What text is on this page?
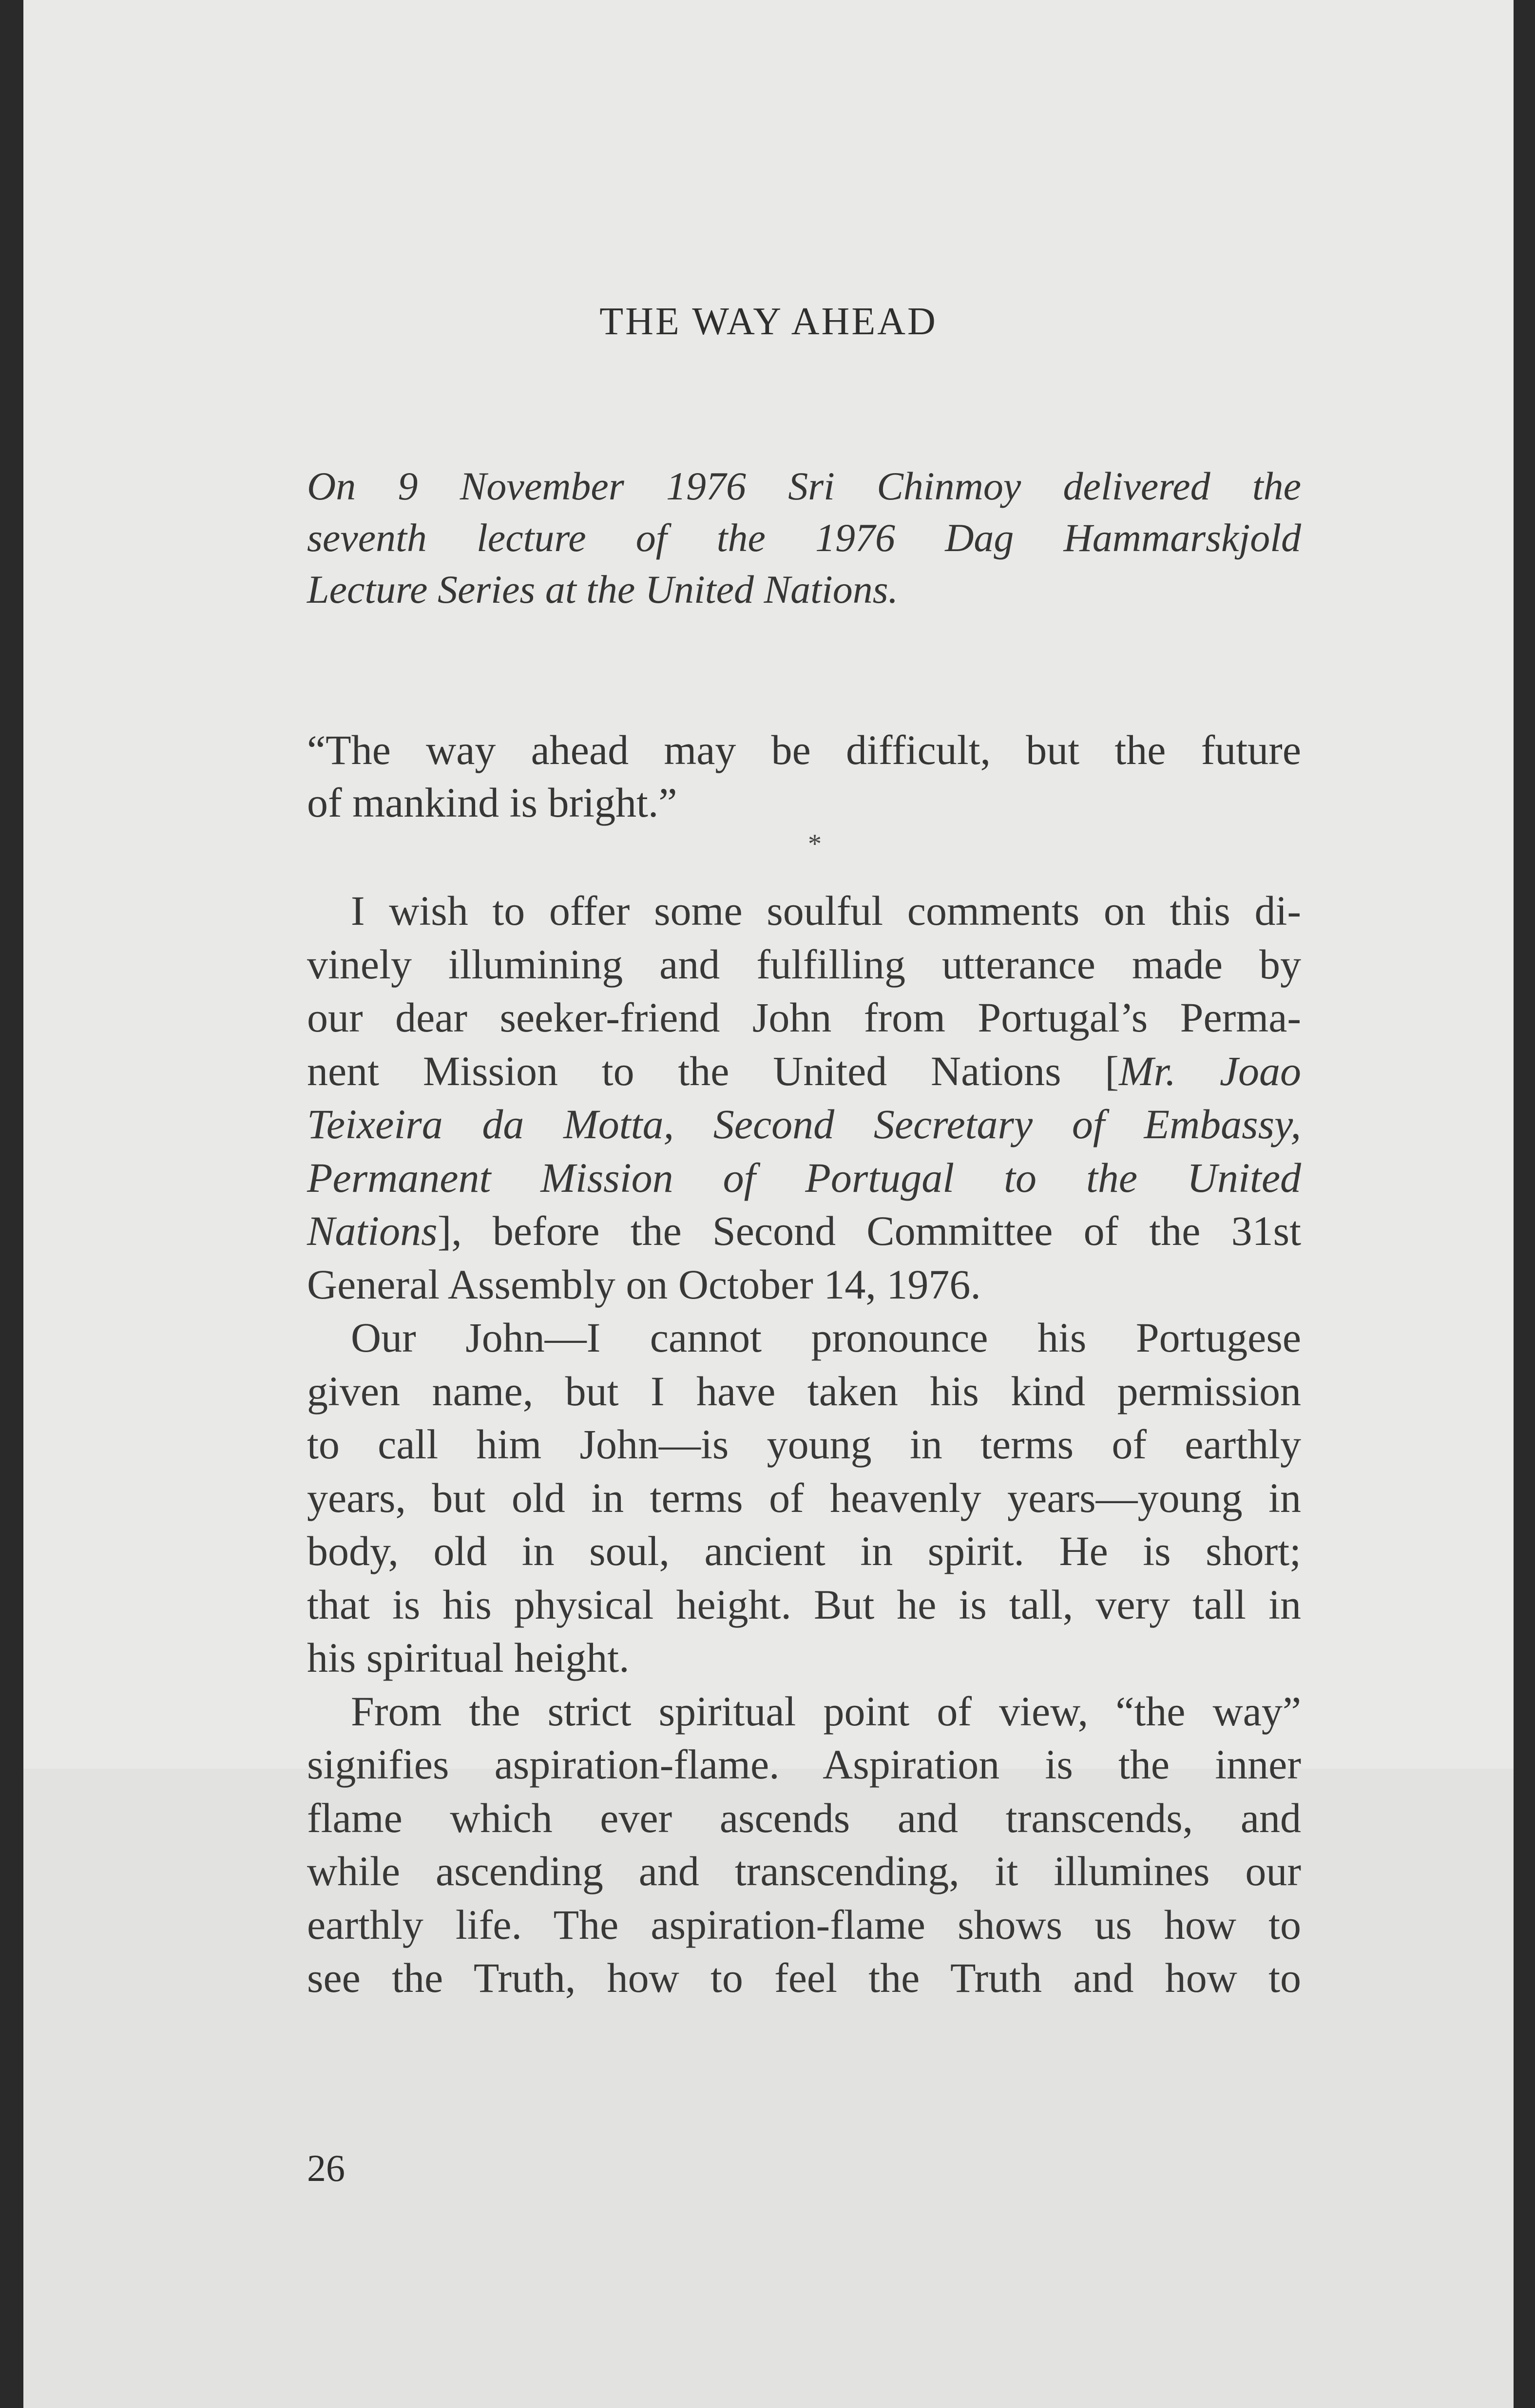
THE WAY AHEAD
On 9 November 1976 Sri Chinmoy delivered the
seventh lecture of the 1976 Dag Hammarskjold
Lecture Series at the United Nations.
“The way ahead may be difficult, but the future
of mankind is bright.”
*

I wish to offer some soulful comments on this di-
vinely illumining and fulfilling utterance made by
our dear seeker-friend John from Portugal’s Perma-
nent Mission to the United Nations [Mr. Joao
Teixeira da Motta, Second Secretary of Embassy,
Permanent Mission of Portugal to the United
Nations], before the Second Committee of the 31st
General Assembly on October 14, 1976.

Our John—I cannot pronounce his Portugese
given name, but I have taken his kind permission
to call him John—is young in terms of earthly
years, but old in terms of heavenly years—young in
body, old in soul, ancient in spirit. He is short;
that is his physical height. But he is tall, very tall in
his spiritual height.

From the strict spiritual point of view, “the way”
signifies aspiration-flame. Aspiration is the inner
flame which ever ascends and transcends, and
while ascending and transcending, it illumines our
earthly life. The aspiration-flame shows us how to
see the Truth, how to feel the Truth and how to

26
